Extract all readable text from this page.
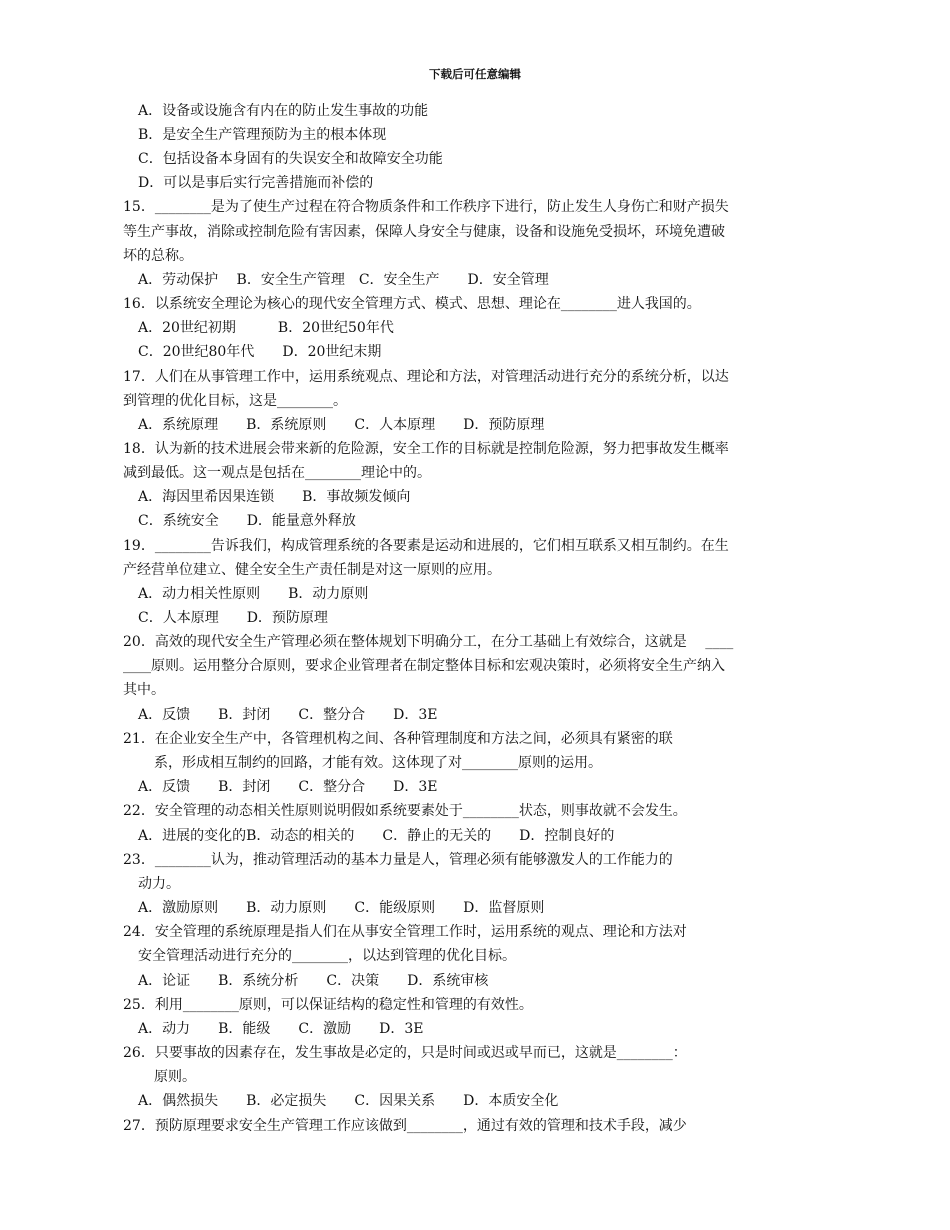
下载后可任意编辑
A．设备或设施含有内在的防止发生事故的功能
B．是安全生产管理预防为主的根本体现
C．包括设备本身固有的失误安全和故障安全功能
D．可以是事后实行完善措施而补偿的
15．________是为了使生产过程在符合物质条件和工作秩序下进行，防止发生人身伤亡和财产损失
等生产事故，消除或控制危险有害因素，保障人身安全与健康，设备和设施免受损坏，环境免遭破
坏的总称。
A．劳动保护　 B．安全生产管理　C．安全生产　　D．安全管理
16．以系统安全理论为核心的现代安全管理方式、模式、思想、理论在________进人我国的。
A．20世纪初期　　　B．20世纪50年代
C．20世纪80年代　　D．20世纪末期
17．人们在从事管理工作中，运用系统观点、理论和方法，对管理活动进行充分的系统分析，以达
到管理的优化目标，这是________。
A．系统原理　　B．系统原则　　C．人本原理　　D．预防原理
18．认为新的技术进展会带来新的危险源，安全工作的目标就是控制危险源，努力把事故发生概率
减到最低。这一观点是包括在________理论中的。
A．海因里希因果连锁　　B．事故频发倾向
C．系统安全　　D．能量意外释放
19．________告诉我们，构成管理系统的各要素是运动和进展的，它们相互联系又相互制约。在生
产经营单位建立、健全安全生产责任制是对这一原则的应用。
A．动力相关性原则　　B．动力原则
C．人本原理　　D．预防原理
20．高效的现代安全生产管理必须在整体规划下明确分工，在分工基础上有效综合，这就是　 ____
____原则。运用整分合原则，要求企业管理者在制定整体目标和宏观决策时，必须将安全生产纳入
其中。
A．反馈　　B．封闭　　C．整分合　　D．3E
21．在企业安全生产中，各管理机构之间、各种管理制度和方法之间，必须具有紧密的联
系，形成相互制约的回路，才能有效。这体现了对________原则的运用。
A．反馈　　B．封闭　　C．整分合　　D．3E
22．安全管理的动态相关性原则说明假如系统要素处于________状态，则事故就不会发生。
A．进展的变化的B．动态的相关的　　C．静止的无关的　　D．控制良好的
23．________认为，推动管理活动的基本力量是人，管理必须有能够激发人的工作能力的
动力。
A．激励原则　　B．动力原则　　C．能级原则　　D．监督原则
24．安全管理的系统原理是指人们在从事安全管理工作时，运用系统的观点、理论和方法对
安全管理活动进行充分的________，以达到管理的优化目标。
A．论证　　B．系统分析　　C．决策　　D．系统审核
25．利用________原则，可以保证结构的稳定性和管理的有效性。
A．动力　　B．能级　　C．激励　　D．3E
26．只要事故的因素存在，发生事故是必定的，只是时间或迟或早而已，这就是________：
原则。
A．偶然损失　　B．必定损失　　C．因果关系　　D．本质安全化
27．预防原理要求安全生产管理工作应该做到________，通过有效的管理和技术手段，减少
